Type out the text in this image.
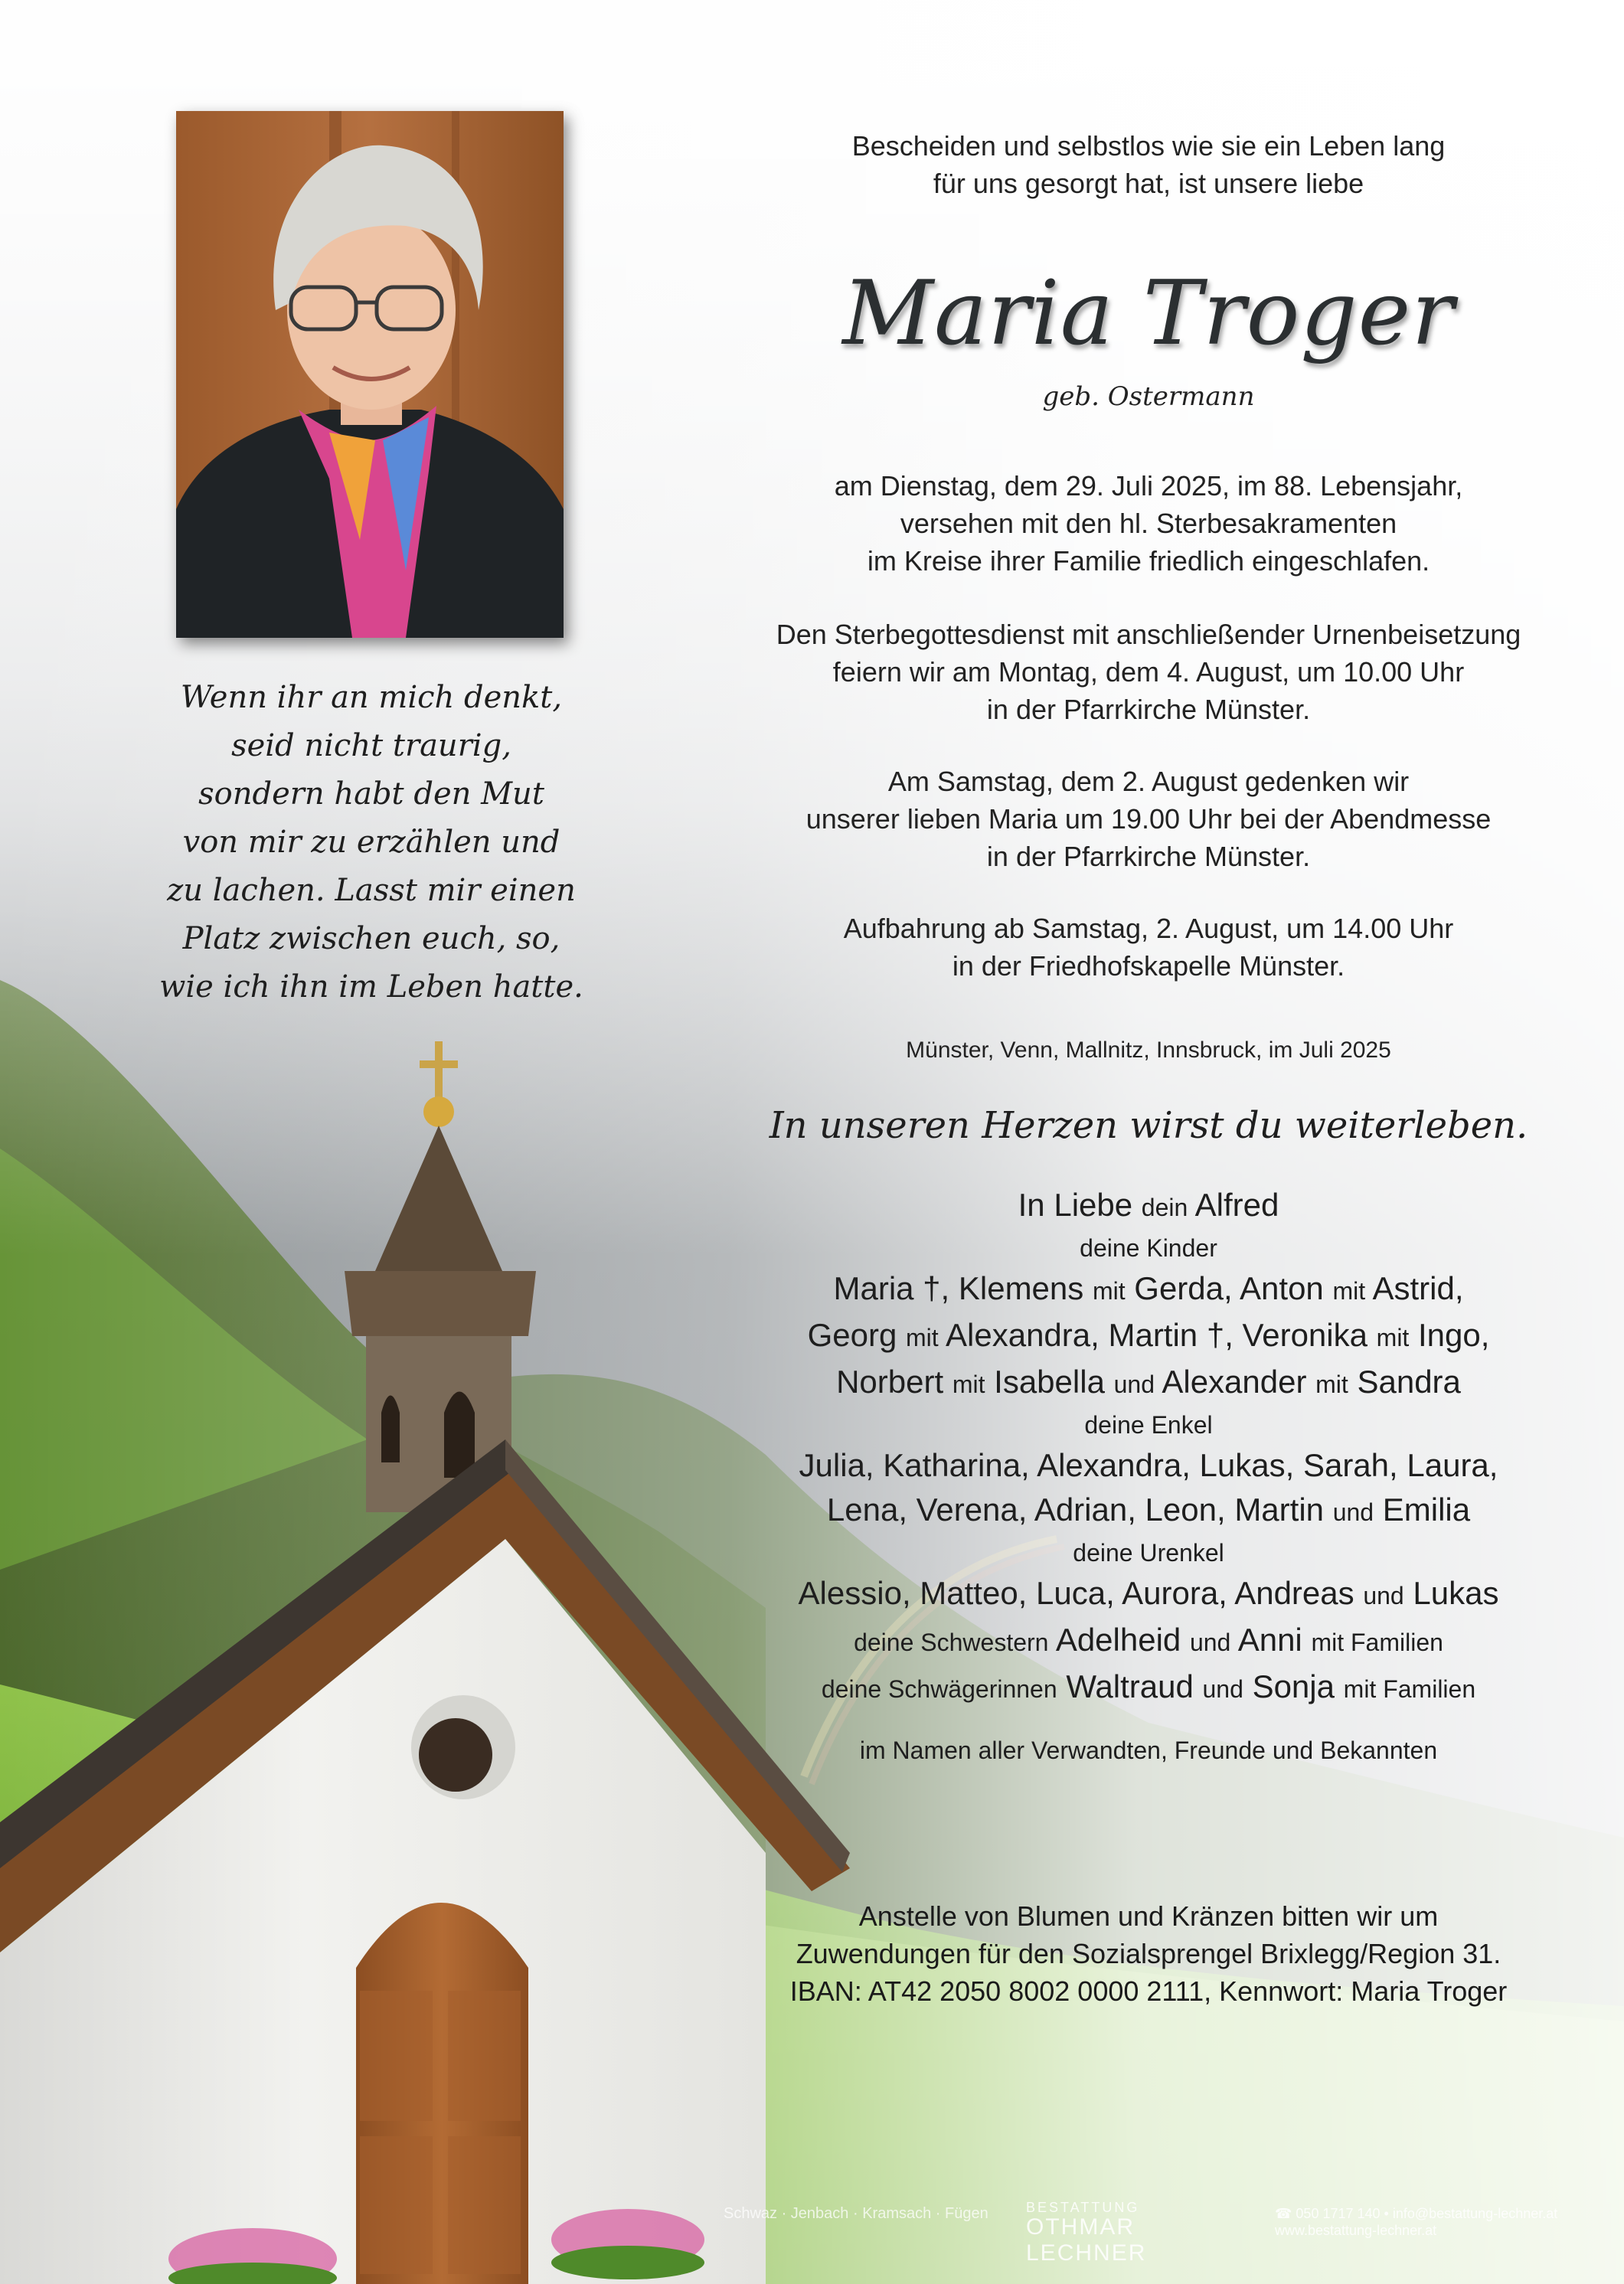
Wenn ihr an mich denkt,
seid nicht traurig,
sondern habt den Mut
von mir zu erzählen und
zu lachen. Lasst mir einen
Platz zwischen euch, so,
wie ich ihn im Leben hatte.
Bescheiden und selbstlos wie sie ein Leben lang
für uns gesorgt hat, ist unsere liebe
Maria Troger
geb. Ostermann
am Dienstag, dem 29. Juli 2025, im 88. Lebensjahr,
versehen mit den hl. Sterbesakramenten
im Kreise ihrer Familie friedlich eingeschlafen.
Den Sterbegottesdienst mit anschließender Urnenbeisetzung
feiern wir am Montag, dem 4. August, um 10.00 Uhr
in der Pfarrkirche Münster.
Am Samstag, dem 2. August gedenken wir
unserer lieben Maria um 19.00 Uhr bei der Abendmesse
in der Pfarrkirche Münster.
Aufbahrung ab Samstag, 2. August, um 14.00 Uhr
in der Friedhofskapelle Münster.
Münster, Venn, Mallnitz, Innsbruck, im Juli 2025
In unseren Herzen wirst du weiterleben.
In Liebe dein Alfred
deine Kinder
Maria †, Klemens mit Gerda, Anton mit Astrid,
Georg mit Alexandra, Martin †, Veronika mit Ingo,
Norbert mit Isabella und Alexander mit Sandra
deine Enkel
Julia, Katharina, Alexandra, Lukas, Sarah, Laura,
Lena, Verena, Adrian, Leon, Martin und Emilia
deine Urenkel
Alessio, Matteo, Luca, Aurora, Andreas und Lukas
deine Schwestern Adelheid und Anni mit Familien
deine Schwägerinnen Waltraud und Sonja mit Familien
im Namen aller Verwandten, Freunde und Bekannten
Anstelle von Blumen und Kränzen bitten wir um
Zuwendungen für den Sozialsprengel Brixlegg/Region 31.
IBAN: AT42 2050 8002 0000 2111, Kennwort: Maria Troger
Schwaz · Jenbach · Kramsach · Fügen	BESTATTUNG
OTHMAR LECHNER
☎ 050 1717 140 • info@bestattung-lechner.at
www.bestattung-lechner.at
